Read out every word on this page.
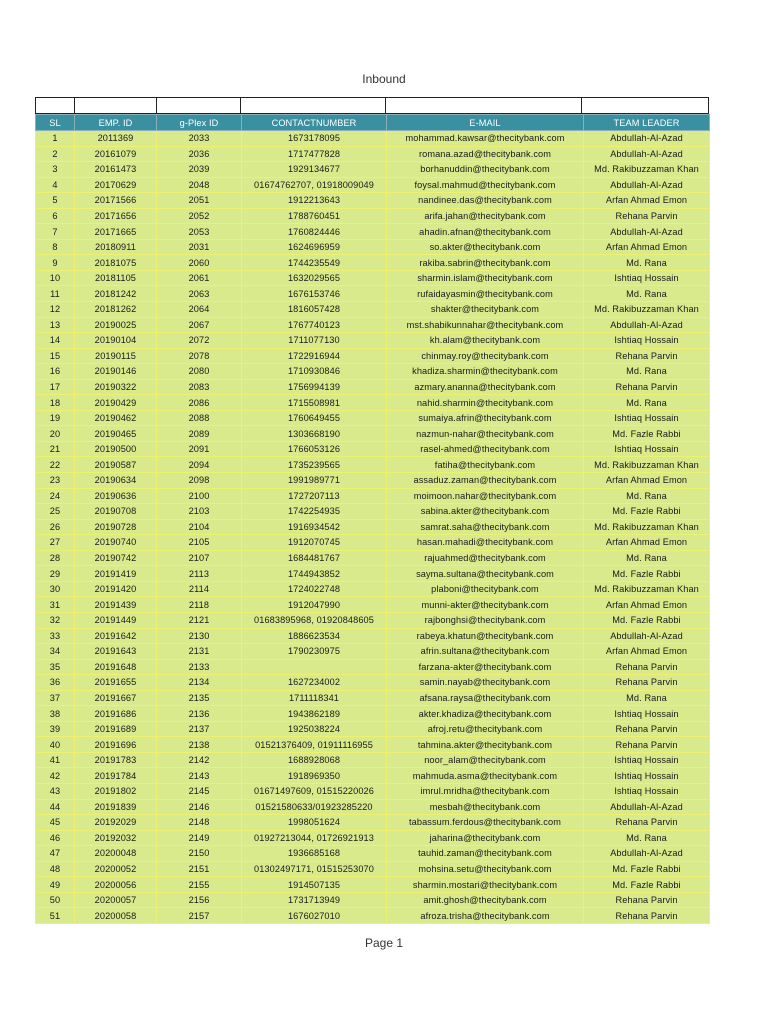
Inbound
SL	EMP. ID	g-Plex ID	CONTACTNUMBER	E-MAIL	TEAM LEADER
1	2011369	2033	1673178095	mohammad.kawsar@thecitybank.com	Abdullah-Al-Azad
2	20161079	2036	1717477828	romana.azad@thecitybank.com	Abdullah-Al-Azad
3	20161473	2039	1929134677	borhanuddin@thecitybank.com	Md. Rakibuzzaman Khan
4	20170629	2048	01674762707, 01918009049	foysal.mahmud@thecitybank.com	Abdullah-Al-Azad
5	20171566	2051	1912213643	nandinee.das@thecitybank.com	Arfan Ahmad Emon
6	20171656	2052	1788760451	arifa.jahan@thecitybank.com	Rehana Parvin
7	20171665	2053	1760824446	ahadin.afnan@thecitybank.com	Abdullah-Al-Azad
8	20180911	2031	1624696959	so.akter@thecitybank.com	Arfan Ahmad Emon
9	20181075	2060	1744235549	rakiba.sabrin@thecitybank.com	Md. Rana
10	20181105	2061	1632029565	sharmin.islam@thecitybank.com	Ishtiaq Hossain
11	20181242	2063	1676153746	rufaidayasmin@thecitybank.com	Md. Rana
12	20181262	2064	1816057428	shakter@thecitybank.com	Md. Rakibuzzaman Khan
13	20190025	2067	1767740123	mst.shabikunnahar@thecitybank.com	Abdullah-Al-Azad
14	20190104	2072	1711077130	kh.alam@thecitybank.com	Ishtiaq Hossain
15	20190115	2078	1722916944	chinmay.roy@thecitybank.com	Rehana Parvin
16	20190146	2080	1710930846	khadiza.sharmin@thecitybank.com	Md. Rana
17	20190322	2083	1756994139	azmary.ananna@thecitybank.com	Rehana Parvin
18	20190429	2086	1715508981	nahid.sharmin@thecitybank.com	Md. Rana
19	20190462	2088	1760649455	sumaiya.afrin@thecitybank.com	Ishtiaq Hossain
20	20190465	2089	1303668190	nazmun-nahar@thecitybank.com	Md. Fazle Rabbi
21	20190500	2091	1766053126	rasel-ahmed@thecitybank.com	Ishtiaq Hossain
22	20190587	2094	1735239565	fatiha@thecitybank.com	Md. Rakibuzzaman Khan
23	20190634	2098	1991989771	assaduz.zaman@thecitybank.com	Arfan Ahmad Emon
24	20190636	2100	1727207113	moimoon.nahar@thecitybank.com	Md. Rana
25	20190708	2103	1742254935	sabina.akter@thecitybank.com	Md. Fazle Rabbi
26	20190728	2104	1916934542	samrat.saha@thecitybank.com	Md. Rakibuzzaman Khan
27	20190740	2105	1912070745	hasan.mahadi@thecitybank.com	Arfan Ahmad Emon
28	20190742	2107	1684481767	rajuahmed@thecitybank.com	Md. Rana
29	20191419	2113	1744943852	sayma.sultana@thecitybank.com	Md. Fazle Rabbi
30	20191420	2114	1724022748	plaboni@thecitybank.com	Md. Rakibuzzaman Khan
31	20191439	2118	1912047990	munni-akter@thecitybank.com	Arfan Ahmad Emon
32	20191449	2121	01683895968, 01920848605	rajbonghsi@thecitybank.com	Md. Fazle Rabbi
33	20191642	2130	1886623534	rabeya.khatun@thecitybank.com	Abdullah-Al-Azad
34	20191643	2131	1790230975	afrin.sultana@thecitybank.com	Arfan Ahmad Emon
35	20191648	2133		farzana-akter@thecitybank.com	Rehana Parvin
36	20191655	2134	1627234002	samin.nayab@thecitybank.com	Rehana Parvin
37	20191667	2135	1711118341	afsana.raysa@thecitybank.com	Md. Rana
38	20191686	2136	1943862189	akter.khadiza@thecitybank.com	Ishtiaq Hossain
39	20191689	2137	1925038224	afroj.retu@thecitybank.com	Rehana Parvin
40	20191696	2138	01521376409, 01911116955	tahmina.akter@thecitybank.com	Rehana Parvin
41	20191783	2142	1688928068	noor_alam@thecitybank.com	Ishtiaq Hossain
42	20191784	2143	1918969350	mahmuda.asma@thecitybank.com	Ishtiaq Hossain
43	20191802	2145	01671497609, 01515220026	imrul.mridha@thecitybank.com	Ishtiaq Hossain
44	20191839	2146	01521580633/01923285220	mesbah@thecitybank.com	Abdullah-Al-Azad
45	20192029	2148	1998051624	tabassum.ferdous@thecitybank.com	Rehana Parvin
46	20192032	2149	01927213044, 01726921913	jaharina@thecitybank.com	Md. Rana
47	20200048	2150	1936685168	tauhid.zaman@thecitybank.com	Abdullah-Al-Azad
48	20200052	2151	01302497171, 01515253070	mohsina.setu@thecitybank.com	Md. Fazle Rabbi
49	20200056	2155	1914507135	sharmin.mostari@thecitybank.com	Md. Fazle Rabbi
50	20200057	2156	1731713949	amit.ghosh@thecitybank.com	Rehana Parvin
51	20200058	2157	1676027010	afroza.trisha@thecitybank.com	Rehana Parvin
Page 1
